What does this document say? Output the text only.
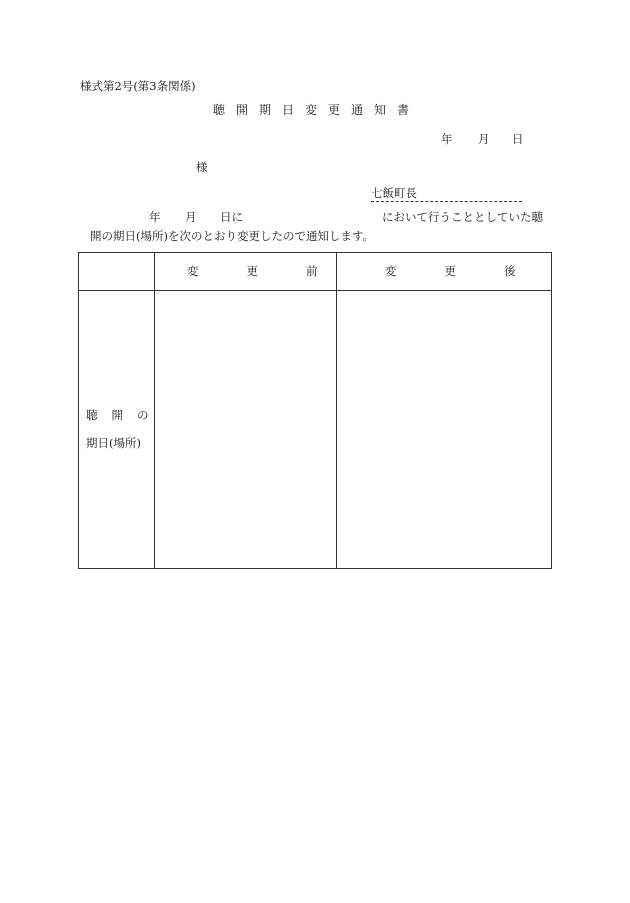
様式第2号(第3条関係)
聴開期日変更通知書
年 月 日
様
七飯町長
年 月 日に	において行うこととしていた聴
開の期日(場所)を次のとおり変更したので通知します。
変更前 変更後
聴開の
期日(場所)
